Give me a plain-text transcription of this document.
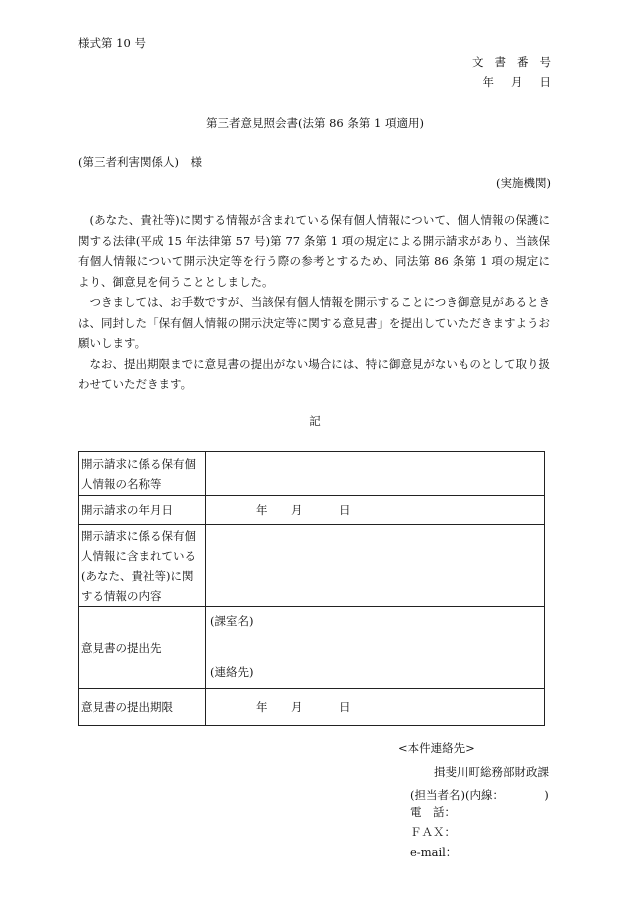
様式第 10 号
文書番号
年月日
第三者意見照会書(法第 86 条第 1 項適用)
(第三者利害関係人)　様
(実施機関)

(あなた、貴社等)に関する情報が含まれている保有個人情報について、個人情報の保護に関する法律(平成 15 年法律第 57 号)第 77 条第 1 項の規定による開示請求があり、当該保有個人情報について開示決定等を行う際の参考とするため、同法第 86 条第 1 項の規定により、御意見を伺うこととしました。

つきましては、お手数ですが、当該保有個人情報を開示することにつき御意見があるときは、同封した「保有個人情報の開示決定等に関する意見書」を提出していただきますようお願いします。

なお、提出期限までに意見書の提出がない場合には、特に御意見がないものとして取り扱わせていただきます。

記
開示請求に係る保有個人情報の名称等	
開示請求の年月日	年 月 日

開示請求に係る保有個人情報に含まれている(あなた、貴社等)に関する情報の内容	
意見書の提出先	(課室名)
(連絡先)

意見書の提出期限	年 月 日
<本件連絡先>
揖斐川町総務部財政課
(担当者名)(内線：　　　　)
電　話：
ＦＡＸ：
e-mail：
